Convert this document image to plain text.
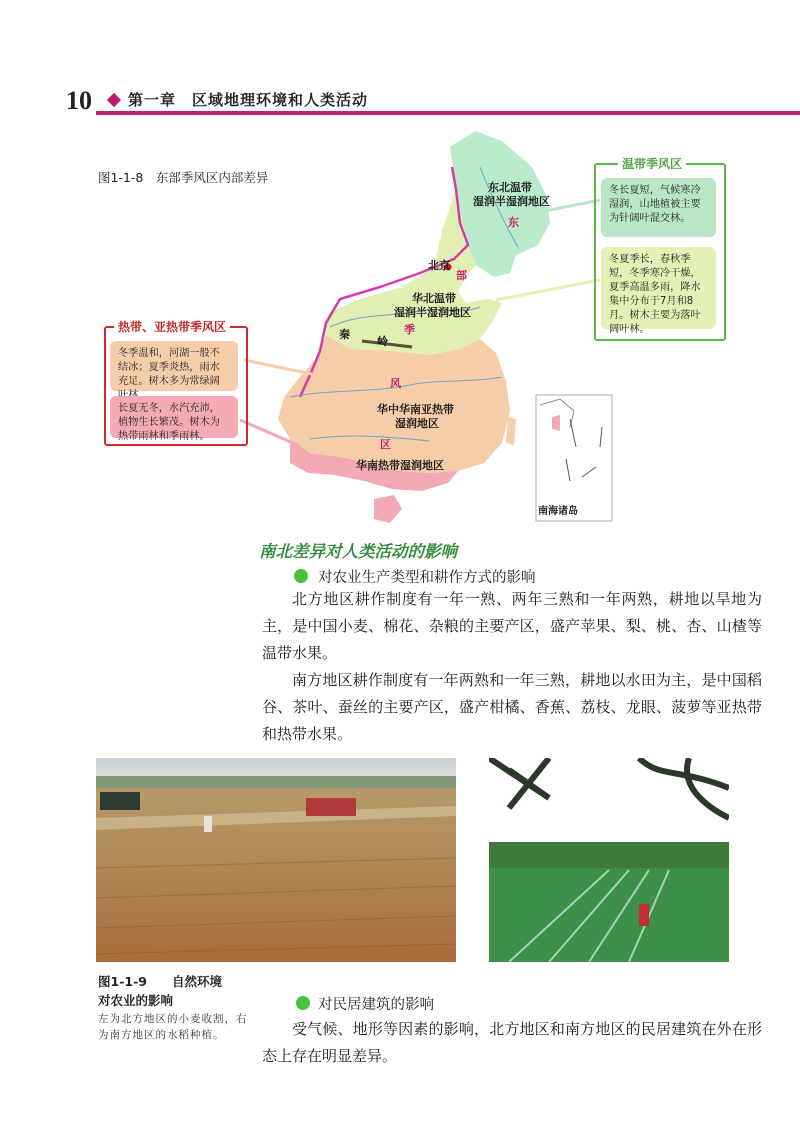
10 第一章　区域地理环境和人类活动
图1-1-8　东部季风区内部差异
东北温带
湿润半湿润地区
华北温带
湿润半湿润地区
华中华南亚热带
湿润地区
华南热带湿润地区
北京
秦
岭
南海诸岛
东
部
季
风
区
温带季风区
冬长夏短，气候寒冷湿润，山地植被主要为针阔叶混交林。
冬夏季长，春秋季短，冬季寒冷干燥，夏季高温多雨，降水集中分布于7月和8月。树木主要为落叶阔叶林。
热带、亚热带季风区
冬季温和，河湖一般不结冰；夏季炎热，雨水充足。树木多为常绿阔
长夏无冬，水汽充沛，植物生长繁茂。树木为热带雨林和季雨林。
南北差异对人类活动的影响
对农业生产类型和耕作方式的影响
北方地区耕作制度有一年一熟、两年三熟和一年两熟，耕地以旱地为主，是中国小麦、棉花、杂粮的主要产区，盛产苹果、梨、桃、杏、山楂等温带水果。
南方地区耕作制度有一年两熟和一年三熟，耕地以水田为主，是中国稻谷、茶叶、蚕丝的主要产区，盛产柑橘、香蕉、荔枝、龙眼、菠萝等亚热带和热带水果。
图1-1-9　　自然环境
对农业的影响
左为北方地区的小麦收割，右为南方地区的水稻种植。
对民居建筑的影响
受气候、地形等因素的影响，北方地区和南方地区的民居建筑在外在形态上存在明显差异。
